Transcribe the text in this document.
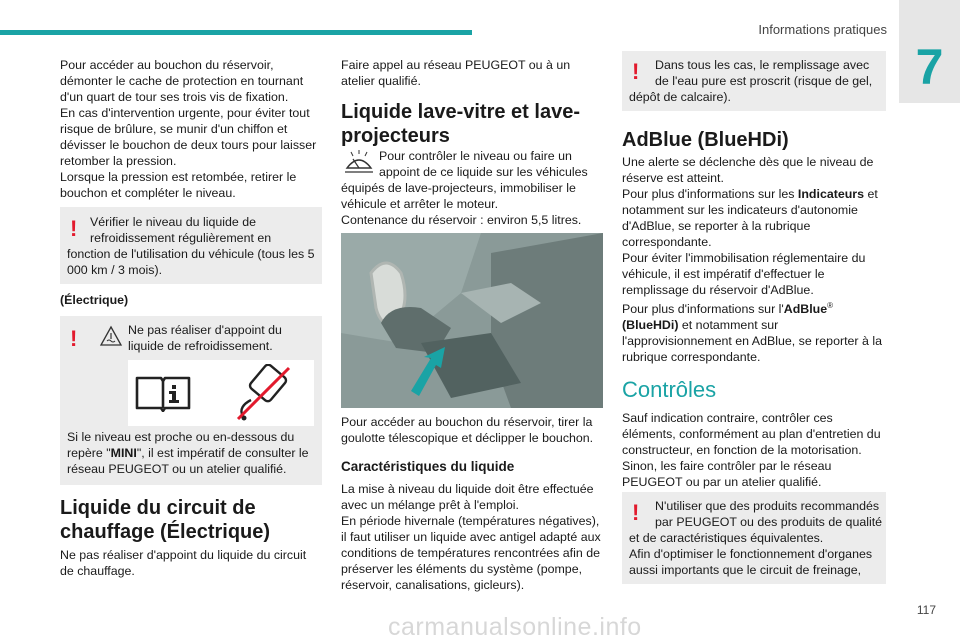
Informations pratiques
7

Pour accéder au bouchon du réservoir, démonter le cache de protection en tournant d'un quart de tour ses trois vis de fixation.

En cas d'intervention urgente, pour éviter tout risque de brûlure, se munir d'un chiffon et dévisser le bouchon de deux tours pour laisser retomber la pression.

Lorsque la pression est retombée, retirer le bouchon et compléter le niveau.

!	Vérifier le niveau du liquide de
refroidissement régulièrement en
fonction de l'utilisation du véhicule (tous les 5 000 km / 3 mois).
(Électrique)
!	Ne pas réaliser d'appoint du
liquide de refroidissement.
Si le niveau est proche ou en-dessous du repère "MINI", il est impératif de consulter le réseau PEUGEOT ou un atelier qualifié.
Liquide du circuit de chauffage (Électrique)
Ne pas réaliser d'appoint du liquide du circuit de chauffage.
Faire appel au réseau PEUGEOT ou à un atelier qualifié.
Liquide lave-vitre et lave-projecteurs
Pour contrôler le niveau ou faire un
appoint de ce liquide sur les véhicules
équipés de lave-projecteurs, immobiliser le véhicule et arrêter le moteur.
Contenance du réservoir : environ 5,5 litres.
Pour accéder au bouchon du réservoir, tirer la goulotte télescopique et déclipper le bouchon.
Caractéristiques du liquide

La mise à niveau du liquide doit être effectuée avec un mélange prêt à l'emploi.

En période hivernale (températures négatives), il faut utiliser un liquide avec antigel adapté aux conditions de températures rencontrées afin de préserver les éléments du système (pompe, réservoir, canalisations, gicleurs).

!	Dans tous les cas, le remplissage avec
de l'eau pure est proscrit (risque de gel,
dépôt de calcaire).
AdBlue (BlueHDi)

Une alerte se déclenche dès que le niveau de réserve est atteint.

Pour plus d'informations sur les Indicateurs et notamment sur les indicateurs d'autonomie d'AdBlue, se reporter à la rubrique correspondante.

Pour éviter l'immobilisation réglementaire du véhicule, il est impératif d'effectuer le remplissage du réservoir d'AdBlue.

Pour plus d'informations sur l'AdBlue® (BlueHDi) et notamment sur l'approvisionnement en AdBlue, se reporter à la rubrique correspondante.

Contrôles

Sauf indication contraire, contrôler ces éléments, conformément au plan d'entretien du constructeur, en fonction de la motorisation.

Sinon, les faire contrôler par le réseau PEUGEOT ou par un atelier qualifié.

!	N'utiliser que des produits recommandés
par PEUGEOT ou des produits de qualité
et de caractéristiques équivalentes.
Afin d'optimiser le fonctionnement d'organes aussi importants que le circuit de freinage,
117
carmanualsonline.info
